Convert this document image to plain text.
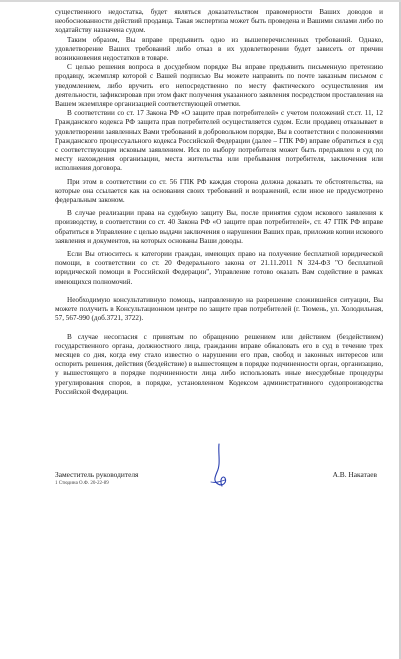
существенного недостатка, будет являться доказательством правомерности Ваших доводов и необоснованности действий продавца. Такая экспертиза может быть проведена и Вашими силами либо по ходатайству назначена судом.

Таким образом, Вы вправе предъявить одно из вышеперечисленных требований. Однако, удовлетворение Ваших требований либо отказ в их удовлетворении будет зависеть от причин возникновения недостатков в товаре.

С целью решения вопроса в досудебном порядке Вы вправе предъявить письменную претензию продавцу, экземпляр которой с Вашей подписью Вы можете направить по почте заказным письмом с уведомлением, либо вручить его непосредственно по месту фактического осуществления им деятельности, зафиксировав при этом факт получения указанного заявления посредством проставления на Вашем экземпляре организацией соответствующей отметки.

В соответствии со ст. 17 Закона РФ «О защите прав потребителей» с учетом положений ст.ст. 11, 12 Гражданского кодекса РФ защита прав потребителей осуществляется судом. Если продавец отказывает в удовлетворении заявленных Вами требований в добровольном порядке, Вы в соответствии с положениями Гражданского процессуального кодекса Российской Федерации (далее – ГПК РФ) вправе обратиться в суд с соответствующим исковым заявлением. Иск по выбору потребителя может быть предъявлен в суд по месту нахождения организации, места жительства или пребывания потребителя, заключения или исполнения договора.

При этом в соответствии со ст. 56 ГПК РФ каждая сторона должна доказать те обстоятельства, на которые она ссылается как на основания своих требований и возражений, если иное не предусмотрено федеральным законом.

В случае реализации права на судебную защиту Вы, после принятия судом искового заявления к производству, в соответствии со ст. 40 Закона РФ «О защите прав потребителей», ст. 47 ГПК РФ вправе обратиться в Управление с целью выдачи заключения о нарушении Ваших прав, приложив копии искового заявления и документов, на которых основаны Ваши доводы.

Если Вы относитесь к категории граждан, имеющих право на получение бесплатной юридической помощи, в соответствии со ст. 20 Федерального закона от 21.11.2011 N 324-ФЗ "О бесплатной юридической помощи в Российской Федерации", Управление готово оказать Вам содействие в рамках имеющихся полномочий.

Необходимую консультативную помощь, направленную на разрешение сложившейся ситуации, Вы можете получить в Консультационном центре по защите прав потребителей (г. Тюмень, ул. Холодильная, 57, 567-990 (доб.3721, 3722).

В случае несогласия с принятым по обращению решением или действием (бездействием) государственного органа, должностного лица, гражданин вправе обжаловать его в суд в течение трех месяцев со дня, когда ему стало известно о нарушении его прав, свобод и законных интересов или оспорить решения, действия (бездействие) в вышестоящем в порядке подчиненности орган, организацию, у вышестоящего в порядке подчиненности лица либо использовать иные внесудебные процедуры урегулирования споров, в порядке, установленном Кодексом административного судопроизводства Российской Федерации.

Заместитель руководителя	А.В. Накатаев
1 Стюдина О.Ф. 20-22-89
